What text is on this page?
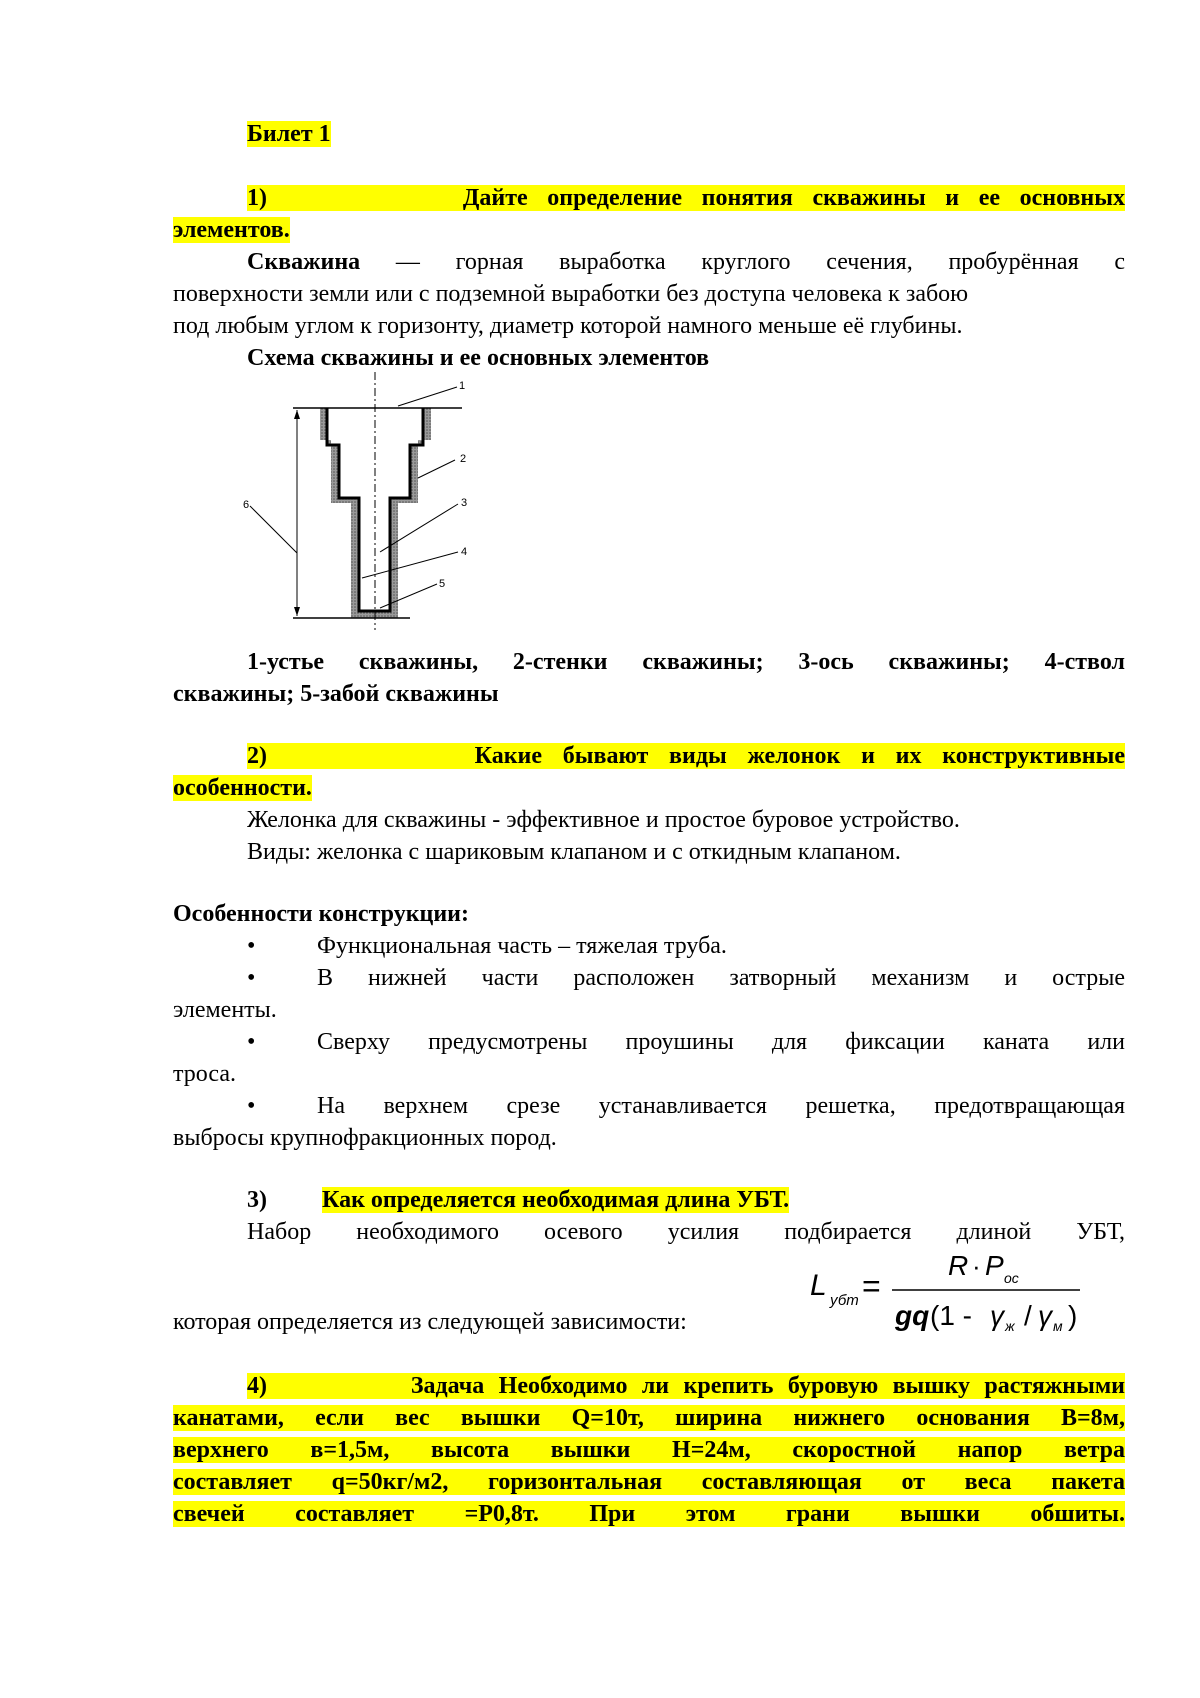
Билет 1
1)	Дайте определение понятия скважины и ее основных
элементов.
Скважина — горная выработка круглого сечения, пробурённая с
поверхности земли или с подземной выработки без доступа человека к забою
под любым углом к горизонту, диаметр которой намного меньше её глубины.
Схема скважины и ее основных элементов
1
2
3
4
5
6
1-устье скважины, 2-стенки скважины; 3-ось скважины; 4-ствол
скважины; 5-забой скважины
2)	Какие бывают виды желонок и их конструктивные
особенности.
Желонка для скважины - эффективное и простое буровое устройство.
Виды: желонка с шариковым клапаном и с откидным клапаном.
Особенности конструкции:
•	Функциональная часть – тяжелая труба.
•	В нижней части расположен затворный механизм и острые
элементы.
•	Сверху предусмотрены проушины для фиксации каната или
троса.
•	На верхнем срезе устанавливается решетка, предотвращающая
выбросы крупнофракционных пород.
3) Как определяется необходимая длина УБТ.
Набор необходимого осевого усилия подбирается длиной УБТ,
которая определяется из следующей зависимости:
L убт =
R · P ос
gq (1 - γ ж / γ м )
4)	Задача Необходимо ли крепить буровую вышку растяжными
канатами, если вес вышки Q=10т, ширина нижнего основания В=8м,
верхнего в=1,5м, высота вышки Н=24м, скоростной напор ветра
составляет q=50кг/м2, горизонтальная составляющая от веса пакета
свечей составляет =Р0,8т. При этом грани вышки обшиты.
